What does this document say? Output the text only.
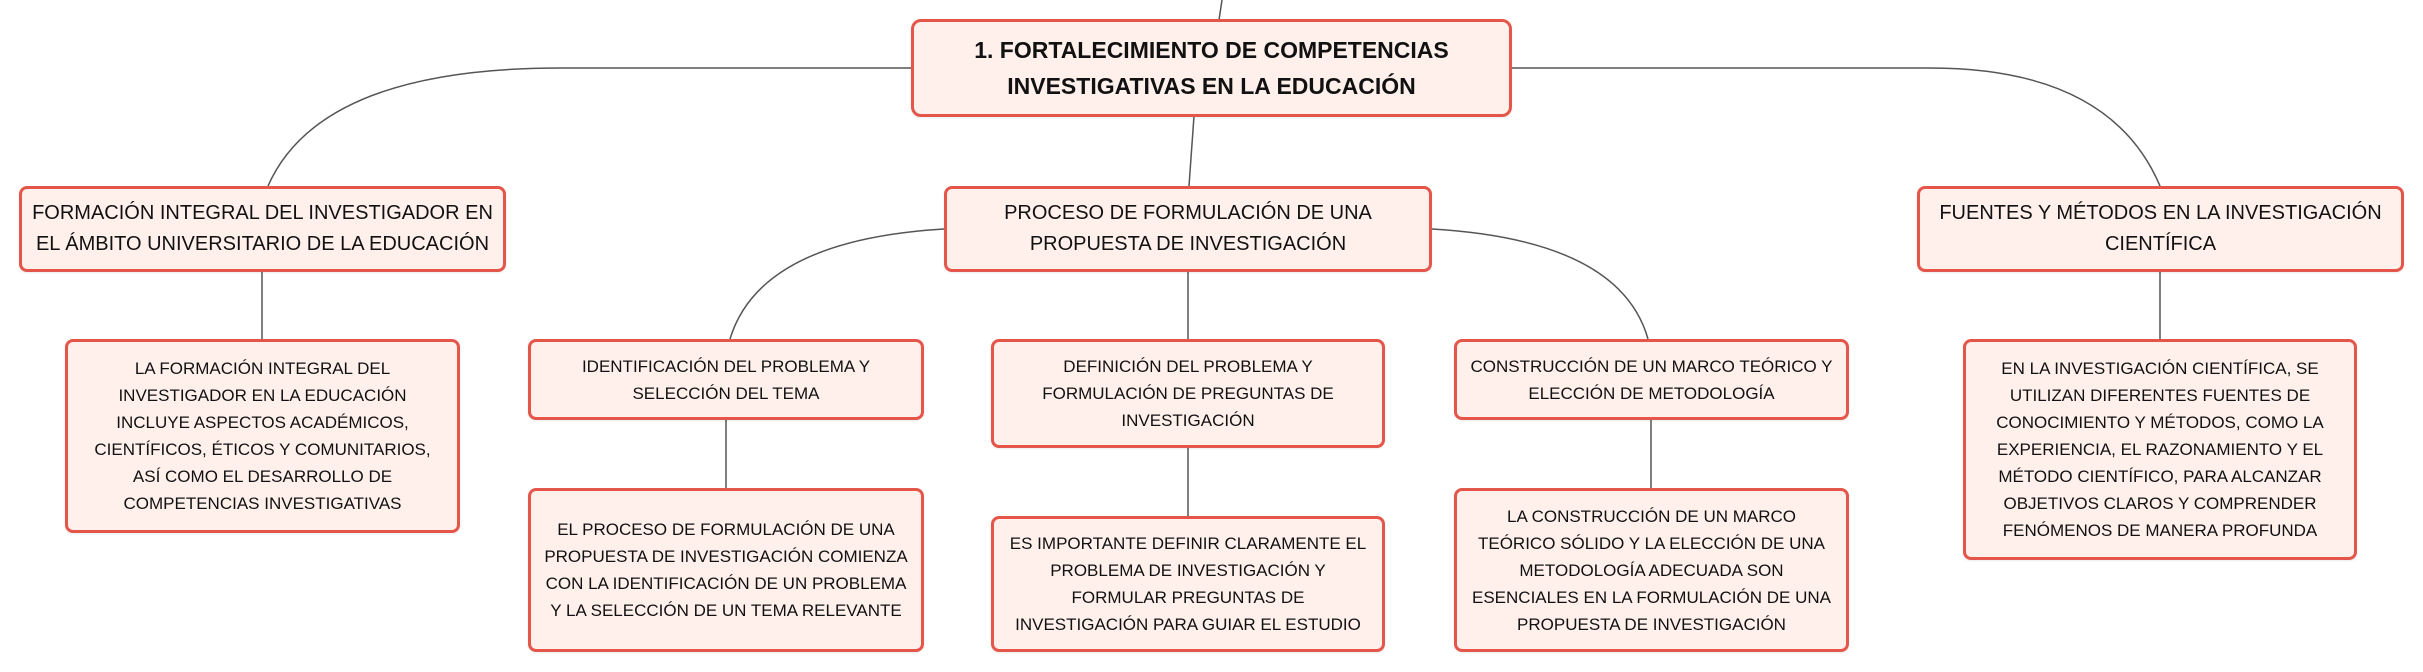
1. FORTALECIMIENTO DE COMPETENCIAS INVESTIGATIVAS EN LA EDUCACIÓN
FORMACIÓN INTEGRAL DEL INVESTIGADOR EN EL ÁMBITO UNIVERSITARIO DE LA EDUCACIÓN
LA FORMACIÓN INTEGRAL DEL INVESTIGADOR EN LA EDUCACIÓN INCLUYE ASPECTOS ACADÉMICOS, CIENTÍFICOS, ÉTICOS Y COMUNITARIOS, ASÍ COMO EL DESARROLLO DE COMPETENCIAS INVESTIGATIVAS
PROCESO DE FORMULACIÓN DE UNA PROPUESTA DE INVESTIGACIÓN
IDENTIFICACIÓN DEL PROBLEMA Y SELECCIÓN DEL TEMA
EL PROCESO DE FORMULACIÓN DE UNA PROPUESTA DE INVESTIGACIÓN COMIENZA CON LA IDENTIFICACIÓN DE UN PROBLEMA Y LA SELECCIÓN DE UN TEMA RELEVANTE
DEFINICIÓN DEL PROBLEMA Y FORMULACIÓN DE PREGUNTAS DE INVESTIGACIÓN
ES IMPORTANTE DEFINIR CLARAMENTE EL PROBLEMA DE INVESTIGACIÓN Y FORMULAR PREGUNTAS DE INVESTIGACIÓN PARA GUIAR EL ESTUDIO
CONSTRUCCIÓN DE UN MARCO TEÓRICO Y ELECCIÓN DE METODOLOGÍA
LA CONSTRUCCIÓN DE UN MARCO TEÓRICO SÓLIDO Y LA ELECCIÓN DE UNA METODOLOGÍA ADECUADA SON ESENCIALES EN LA FORMULACIÓN DE UNA PROPUESTA DE INVESTIGACIÓN
FUENTES Y MÉTODOS EN LA INVESTIGACIÓN CIENTÍFICA
EN LA INVESTIGACIÓN CIENTÍFICA, SE UTILIZAN DIFERENTES FUENTES DE CONOCIMIENTO Y MÉTODOS, COMO LA EXPERIENCIA, EL RAZONAMIENTO Y EL MÉTODO CIENTÍFICO, PARA ALCANZAR OBJETIVOS CLAROS Y COMPRENDER FENÓMENOS DE MANERA PROFUNDA
